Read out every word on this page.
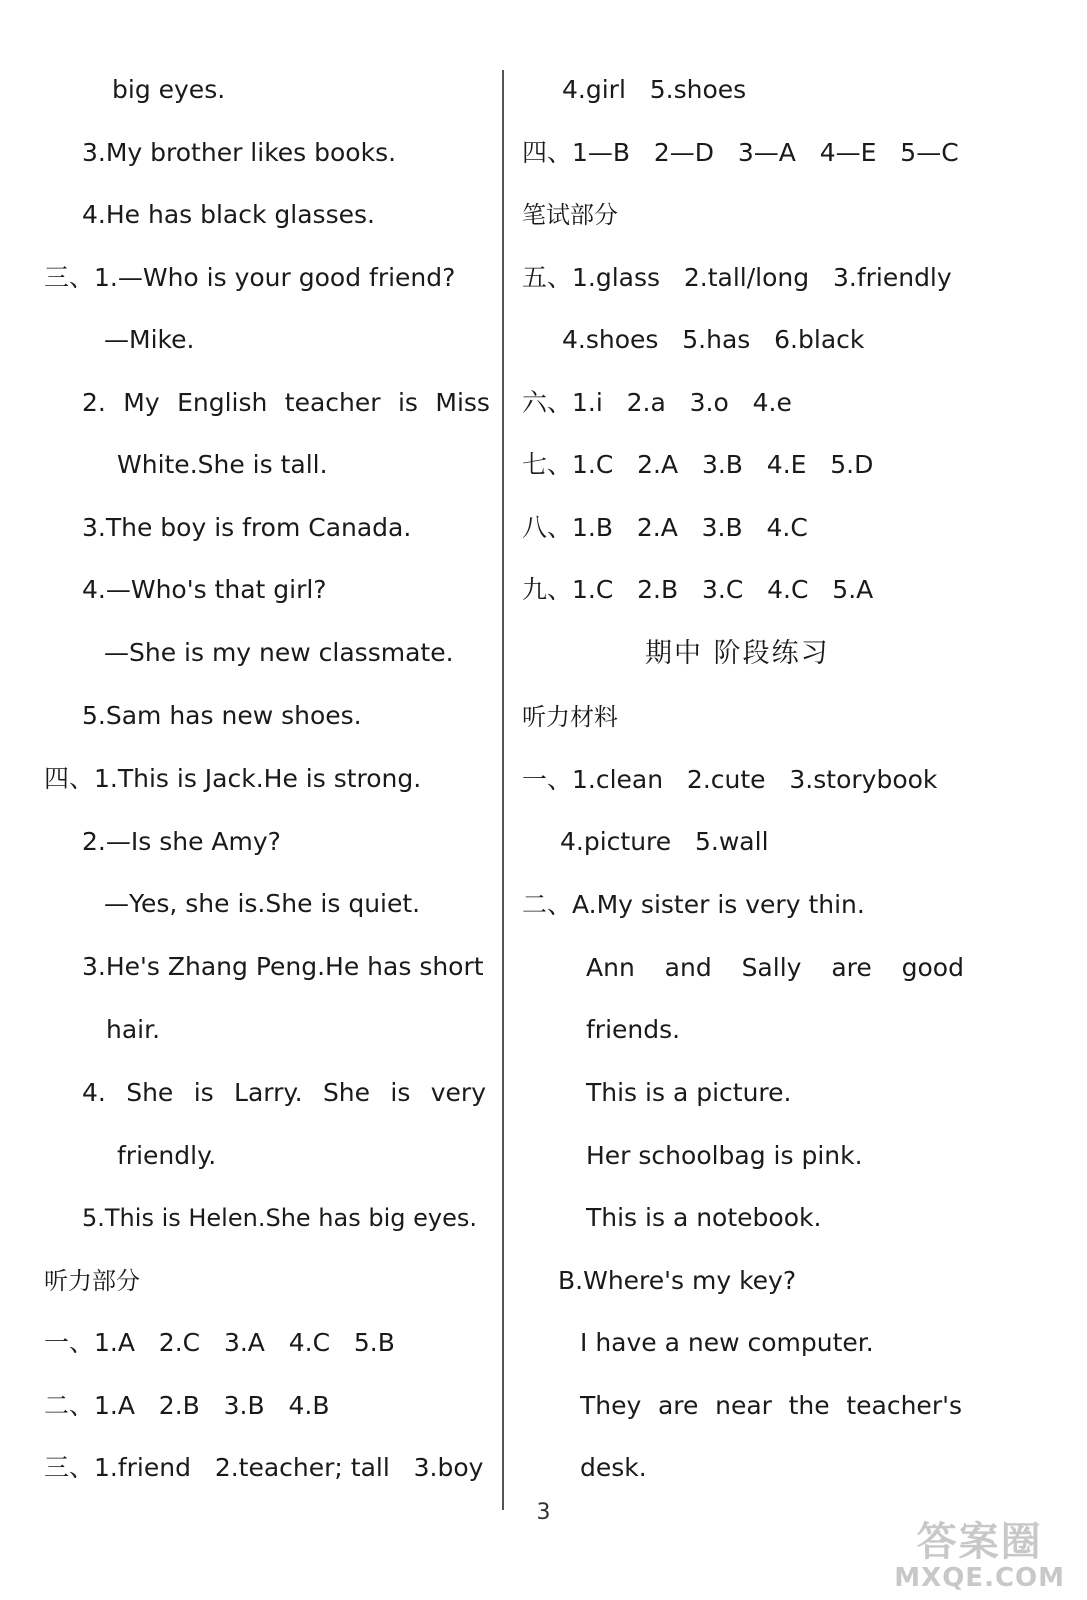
big eyes.
3.My brother likes books.
4.He has black glasses.
三、1.—Who is your good friend?
—Mike.
2. My English teacher is Miss
White.She is tall.
3.The boy is from Canada.
4.—Who's that girl?
—She is my new classmate.
5.Sam has new shoes.
四、1.This is Jack.He is strong.
2.—Is she Amy?
—Yes, she is.She is quiet.
3.He's Zhang Peng.He has short
hair.
4. She is Larry. She is very
friendly.
5.This is Helen.She has big eyes.
听力部分
一、1.A   2.C   3.A   4.C   5.B
二、1.A   2.B   3.B   4.B
三、1.friend   2.teacher; tall   3.boy
4.girl   5.shoes
四、1—B   2—D   3—A   4—E   5—C
笔试部分
五、1.glass   2.tall/long   3.friendly
4.shoes   5.has   6.black
六、1.i   2.a   3.o   4.e
七、1.C   2.A   3.B   4.E   5.D
八、1.B   2.A   3.B   4.C
九、1.C   2.B   3.C   4.C   5.A
期中 阶段练习
听力材料
一、1.clean   2.cute   3.storybook
4.picture   5.wall
二、A.My sister is very thin.
Ann and Sally are good
friends.
This is a picture.
Her schoolbag is pink.
This is a notebook.
B.Where's my key?
I have a new computer.
They are near the teacher's
desk.
3
答案圈
MXQE.COM
